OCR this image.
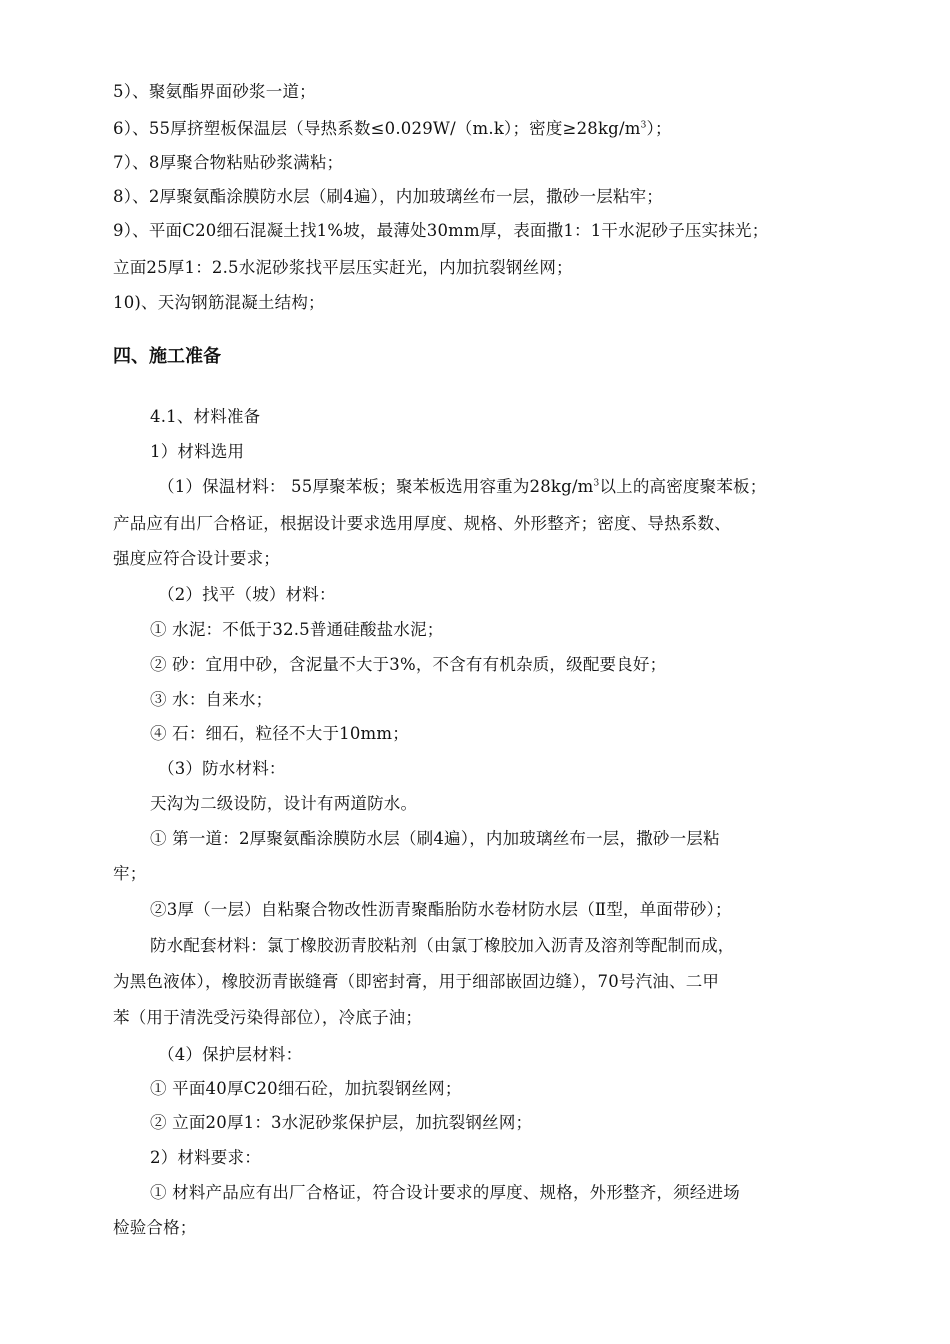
5）、聚氨酯界面砂浆一道；
6）、55厚挤塑板保温层（导热系数≤0.029W/（m.k）；密度$\ge 28kg/m^3$）；
7）、8厚聚合物粘贴砂浆满粘；
8）、2厚聚氨酯涂膜防水层（刷4遍），内加玻璃丝布一层，撒砂一层粘牢；
9）、平面C20细石混凝土找1%坡，最薄处30mm厚，表面撒1：1干水泥砂子压实抹光；
立面25厚1：2.5水泥砂浆找平层压实赶光，内加抗裂钢丝网；
10)、天沟钢筋混凝土结构；
四、施工准备
4.1、材料准备
1）材料选用
（1）保温材料： 55厚聚苯板；聚苯板选用容重为$28kg/m^3$以上的高密度聚苯板；
产品应有出厂合格证，根据设计要求选用厚度、规格、外形整齐；密度、导热系数、
强度应符合设计要求；
（2）找平（坡）材料：
① 水泥：不低于32.5普通硅酸盐水泥；
② 砂：宜用中砂，含泥量不大于3%，不含有有机杂质，级配要良好；
③ 水：自来水；
④ 石：细石，粒径不大于10mm；
（3）防水材料：
天沟为二级设防，设计有两道防水。
① 第一道：2厚聚氨酯涂膜防水层（刷4遍），内加玻璃丝布一层，撒砂一层粘
牢；
②3厚（一层）自粘聚合物改性沥青聚酯胎防水卷材防水层（Ⅱ型，单面带砂）；
防水配套材料：氯丁橡胶沥青胶粘剂（由氯丁橡胶加入沥青及溶剂等配制而成，
为黑色液体），橡胶沥青嵌缝膏（即密封膏，用于细部嵌固边缝），70号汽油、二甲
苯（用于清洗受污染得部位），冷底子油；
（4）保护层材料：
① 平面40厚C20细石砼，加抗裂钢丝网；
② 立面20厚1：3水泥砂浆保护层，加抗裂钢丝网；
2）材料要求：
① 材料产品应有出厂合格证，符合设计要求的厚度、规格，外形整齐，须经进场
检验合格；
